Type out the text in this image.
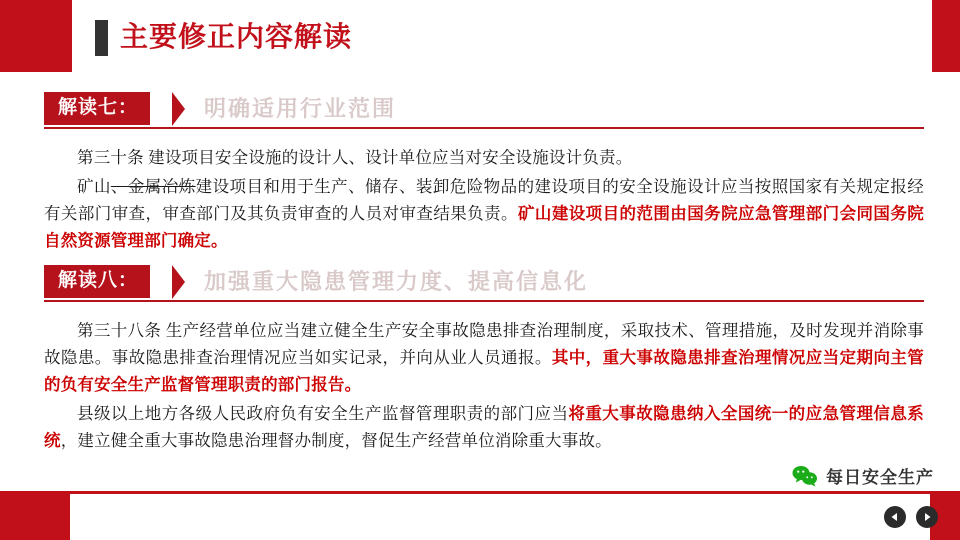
主要修正内容解读
解读七：	明确适用行业范围

第三十条 建设项目安全设施的设计人、设计单位应当对安全设施设计负责。

矿山、金属冶炼建设项目和用于生产、储存、装卸危险物品的建设项目的安全设施设计应当按照国家有关规定报经有关部门审查，审查部门及其负责审查的人员对审查结果负责。矿山建设项目的范围由国务院应急管理部门会同国务院自然资源管理部门确定。

解读八：	加强重大隐患管理力度、提高信息化

第三十八条 生产经营单位应当建立健全生产安全事故隐患排查治理制度，采取技术、管理措施，及时发现并消除事故隐患。事故隐患排查治理情况应当如实记录，并向从业人员通报。其中，重大事故隐患排查治理情况应当定期向主管的负有安全生产监督管理职责的部门报告。

县级以上地方各级人民政府负有安全生产监督管理职责的部门应当将重大事故隐患纳入全国统一的应急管理信息系统，建立健全重大事故隐患治理督办制度，督促生产经营单位消除重大事故。

每日安全生产
